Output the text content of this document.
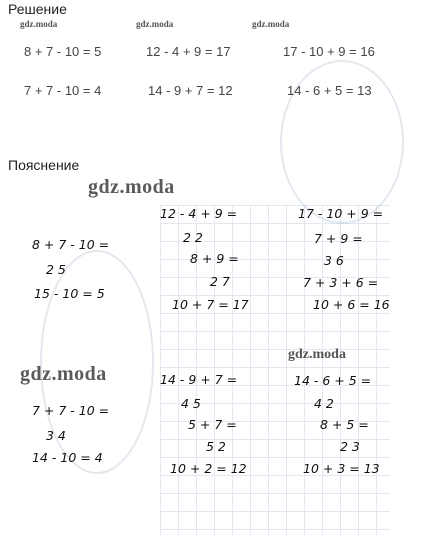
Решение
gdz.moda	gdz.moda	gdz.moda
8 + 7 - 10 = 5	12 - 4 + 9 = 17	17 - 10 + 9 = 16
7 + 7 - 10 = 4	14 - 9 + 7 = 12	14 - 6 + 5 = 13
Пояснение
gdz.moda
gdz.moda
gdz.moda
8 + 7 - 10 =
2 5
15 - 10 = 5
12 - 4 + 9 =
2 2
8 + 9 =
2 7
10 + 7 = 17
17 - 10 + 9 =
7 + 9 =
3 6
7 + 3 + 6 =
10 + 6 = 16
7 + 7 - 10 =
3 4
14 - 10 = 4
14 - 9 + 7 =
4 5
5 + 7 =
5 2
10 + 2 = 12
14 - 6 + 5 =
4 2
8 + 5 =
2 3
10 + 3 = 13
